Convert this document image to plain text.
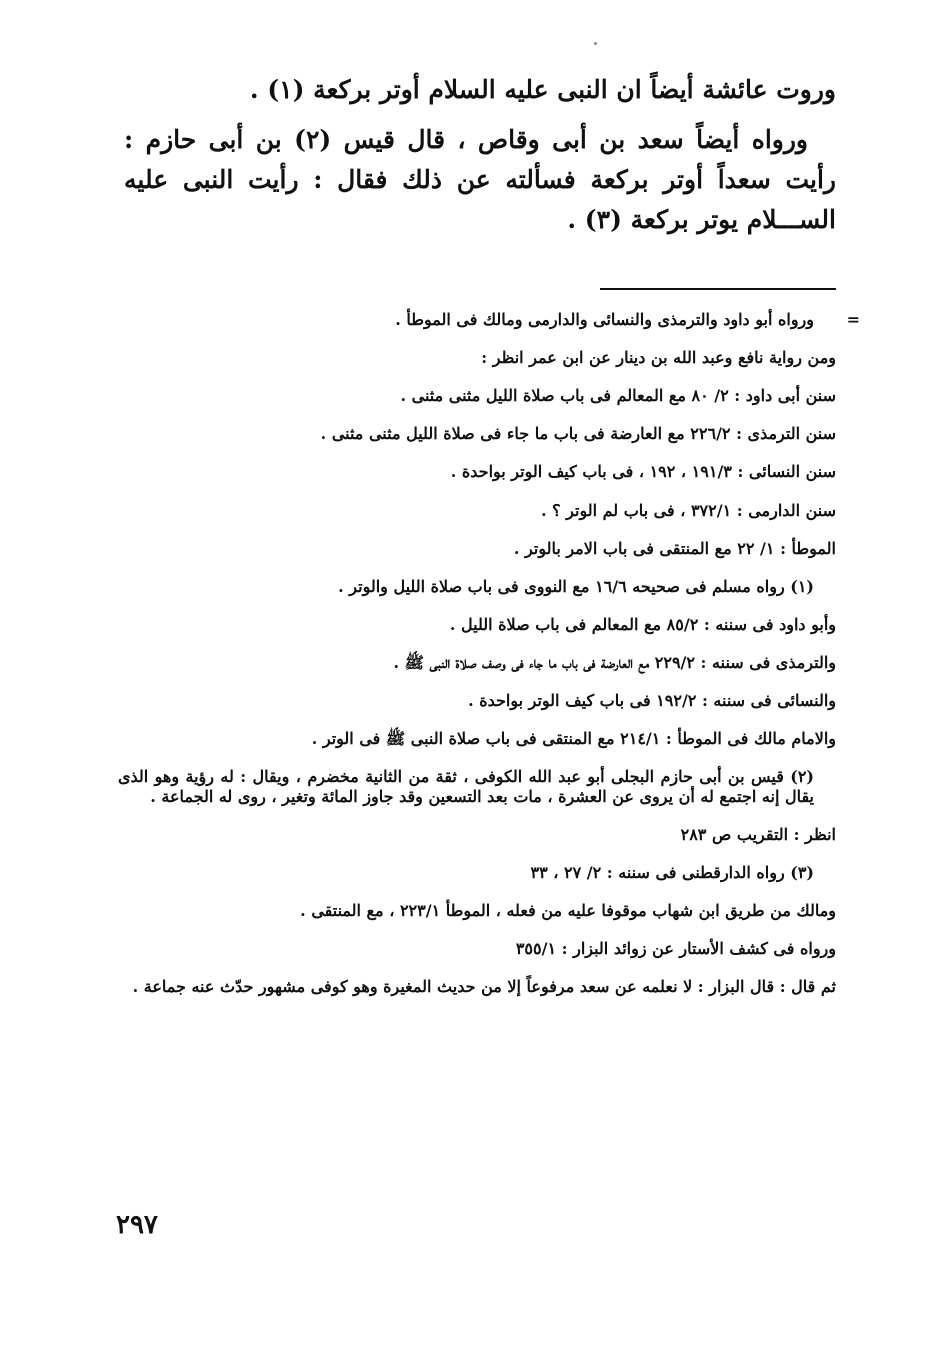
وروت عائشة أيضاً ان النبى عليه السلام أوتر بركعة (١) .

ورواه أيضاً سعد بن أبى وقاص ، قال قيس (٢) بن أبى حازم : رأيت سعداً أوتر بركعة فسألته عن ذلك فقال : رأيت النبى عليه الســـلام يوتر بركعة (٣) .

=
ورواه أبو داود والترمذى والنسائى والدارمى ومالك فى الموطأ .
ومن رواية نافع وعبد الله بن دينار عن ابن عمر انظر :
سنن أبى داود : ٢/ ٨٠ مع المعالم فى باب صلاة الليل مثنى مثنى .
سنن الترمذى : ٢٢٦/٢ مع العارضة فى باب ما جاء فى صلاة الليل مثنى مثنى .
سنن النسائى : ١٩١/٣ ، ١٩٢ ، فى باب كيف الوتر بواحدة .
سنن الدارمى : ٣٧٢/١ ، فى باب لم الوتر ؟ .
الموطأ : ١/ ٢٢ مع المنتقى فى باب الامر بالوتر .
(١) رواه مسلم فى صحيحه ١٦/٦ مع النووى فى باب صلاة الليل والوتر .
وأبو داود فى سننه : ٨٥/٢ مع المعالم فى باب صلاة الليل .
والترمذى فى سننه : ٢٢٩/٢ مع العارضة فى باب ما جاء فى وصف صلاة النبى ﷺ .
والنسائى فى سننه : ١٩٢/٢ فى باب كيف الوتر بواحدة .
والامام مالك فى الموطأ : ٢١٤/١ مع المنتقى فى باب صلاة النبى ﷺ فى الوتر .
(٢) قيس بن أبى حازم البجلى أبو عبد الله الكوفى ، ثقة من الثانية مخضرم ، ويقال : له رؤية وهو الذى يقال إنه اجتمع له أن يروى عن العشرة ، مات بعد التسعين وقد جاوز المائة وتغير ، روى له الجماعة .
انظر : التقريب ص ٢٨٣
(٣) رواه الدارقطنى فى سننه : ٢/ ٢٧ ، ٣٣
ومالك من طريق ابن شهاب موقوفا عليه من فعله ، الموطأ ٢٢٣/١ ، مع المنتقى .
ورواه فى كشف الأستار عن زوائد البزار : ٣٥٥/١
ثم قال : قال البزار : لا نعلمه عن سعد مرفوعاً إلا من حديث المغيرة وهو كوفى مشهور حدّث عنه جماعة .
٢٩٧
